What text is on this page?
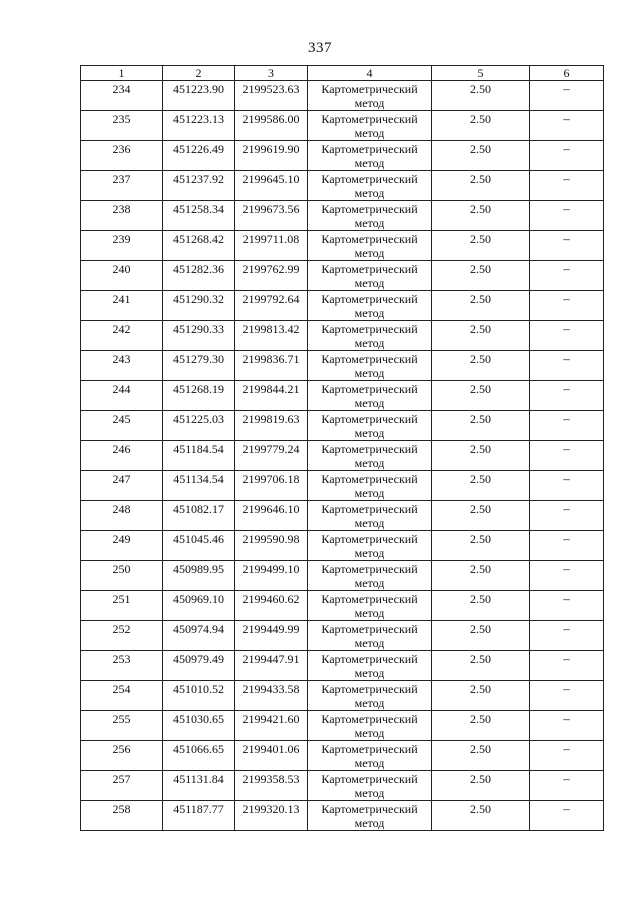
337
1	2	3	4	5	6

234	451223.90	2199523.63	Картометрический метод	2.50	–

235	451223.13	2199586.00	Картометрический метод	2.50	–

236	451226.49	2199619.90	Картометрический метод	2.50	–

237	451237.92	2199645.10	Картометрический метод	2.50	–

238	451258.34	2199673.56	Картометрический метод	2.50	–

239	451268.42	2199711.08	Картометрический метод	2.50	–

240	451282.36	2199762.99	Картометрический метод	2.50	–

241	451290.32	2199792.64	Картометрический метод	2.50	–

242	451290.33	2199813.42	Картометрический метод	2.50	–

243	451279.30	2199836.71	Картометрический метод	2.50	–

244	451268.19	2199844.21	Картометрический метод	2.50	–

245	451225.03	2199819.63	Картометрический метод	2.50	–

246	451184.54	2199779.24	Картометрический метод	2.50	–

247	451134.54	2199706.18	Картометрический метод	2.50	–

248	451082.17	2199646.10	Картометрический метод	2.50	–

249	451045.46	2199590.98	Картометрический метод	2.50	–

250	450989.95	2199499.10	Картометрический метод	2.50	–

251	450969.10	2199460.62	Картометрический метод	2.50	–

252	450974.94	2199449.99	Картометрический метод	2.50	–

253	450979.49	2199447.91	Картометрический метод	2.50	–

254	451010.52	2199433.58	Картометрический метод	2.50	–

255	451030.65	2199421.60	Картометрический метод	2.50	–

256	451066.65	2199401.06	Картометрический метод	2.50	–

257	451131.84	2199358.53	Картометрический метод	2.50	–

258	451187.77	2199320.13	Картометрический метод	2.50	–
